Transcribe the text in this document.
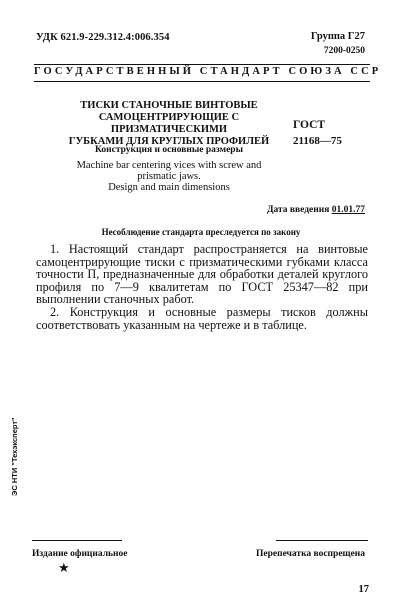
УДК 621.9-229.312.4:006.354	Группа Г27
7200-0250
ГОСУДАРСТВЕННЫЙ СТАНДАРТ СОЮЗА ССР
ТИСКИ СТАНОЧНЫЕ ВИНТОВЫЕ
САМОЦЕНТРИРУЮЩИЕ С ПРИЗМАТИЧЕСКИМИ
ГУБКАМИ ДЛЯ КРУГЛЫХ ПРОФИЛЕЙ
Конструкция и основные размеры
Machine bar centering vices with screw and
prismatic jaws.
Design and main dimensions
ГОСТ
21168—75
Дата введения 01.01.77
Несоблюдение стандарта преследуется по закону

1. Настоящий стандарт распространяется на винтовые самоцентрирующие тиски с призматическими губками класса точности П, предназначенные для обработки деталей круглого профиля по 7—9 квалитетам по ГОСТ 25347—82 при выполнении станочных работ.

2. Конструкция и основные размеры тисков должны соответствовать указанным на чертеже и в таблице.

ЭС НТИ "Техэксперт"
Издание официальное
★
Перепечатка воспрещена
17
